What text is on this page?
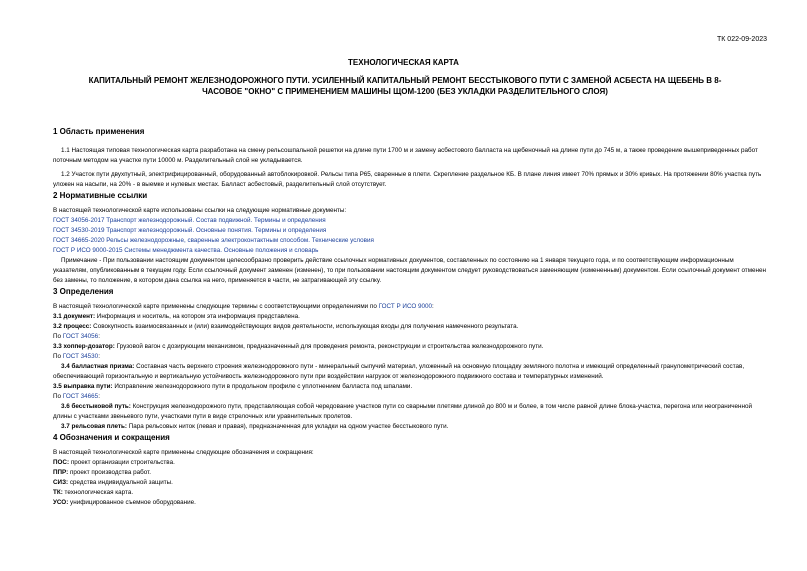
ТК 022-09-2023
ТЕХНОЛОГИЧЕСКАЯ КАРТА
КАПИТАЛЬНЫЙ РЕМОНТ ЖЕЛЕЗНОДОРОЖНОГО ПУТИ. УСИЛЕННЫЙ КАПИТАЛЬНЫЙ РЕМОНТ БЕССТЫКОВОГО ПУТИ С ЗАМЕНОЙ АСБЕСТА НА ЩЕБЕНЬ В 8-ЧАСОВОЕ "ОКНО" С ПРИМЕНЕНИЕМ МАШИНЫ ЩОМ-1200 (БЕЗ УКЛАДКИ РАЗДЕЛИТЕЛЬНОГО СЛОЯ)
1 Область применения

1.1 Настоящая типовая технологическая карта разработана на смену рельсошпальной решетки на длине пути 1700 м и замену асбестового балласта на щебеночный на длине пути до 745 м, а также проведение вышеприведенных работ поточным методом на участке пути 10000 м. Разделительный слой не укладывается.

1.2 Участок пути двухпутный, электрифицированный, оборудованный автоблокировкой. Рельсы типа Р65, сваренные в плети. Скрепление раздельное КБ. В плане линия имеет 70% прямых и 30% кривых. На протяжении 80% участка путь уложен на насыпи, на 20% - в выемке и нулевых местах. Балласт асбестовый, разделительный слой отсутствует.

2 Нормативные ссылки

В настоящей технологической карте использованы ссылки на следующие нормативные документы:

ГОСТ 34056-2017 Транспорт железнодорожный. Состав подвижной. Термины и определения

ГОСТ 34530-2019 Транспорт железнодорожный. Основные понятия. Термины и определения

ГОСТ 34665-2020 Рельсы железнодорожные, сваренные электроконтактным способом. Технические условия

ГОСТ Р ИСО 9000-2015 Системы менеджмента качества. Основные положения и словарь

Примечание - При пользовании настоящим документом целесообразно проверить действие ссылочных нормативных документов, составленных по состоянию на 1 января текущего года, и по соответствующим информационным указателям, опубликованным в текущем году. Если ссылочный документ заменен (изменен), то при пользовании настоящим документом следует руководствоваться заменяющим (измененным) документом. Если ссылочный документ отменен без замены, то положение, в котором дана ссылка на него, применяется в части, не затрагивающей эту ссылку.

3 Определения

В настоящей технологической карте применены следующие термины с соответствующими определениями по ГОСТ Р ИСО 9000:

3.1 документ: Информация и носитель, на котором эта информация представлена.

3.2 процесс: Совокупность взаимосвязанных и (или) взаимодействующих видов деятельности, использующая входы для получения намеченного результата.

По ГОСТ 34056:

3.3 хоппер-дозатор: Грузовой вагон с дозирующим механизмом, предназначенный для проведения ремонта, реконструкции и строительства железнодорожного пути.

По ГОСТ 34530:

3.4 балластная призма: Составная часть верхнего строения железнодорожного пути - минеральный сыпучий материал, уложенный на основную площадку земляного полотна и имеющий определенный гранулометрический состав, обеспечивающий горизонтальную и вертикальную устойчивость железнодорожного пути при воздействии нагрузок от железнодорожного подвижного состава и температурных изменений.

3.5 выправка пути: Исправление железнодорожного пути в продольном профиле с уплотнением балласта под шпалами.

По ГОСТ 34665:

3.6 бесстыковой путь: Конструкция железнодорожного пути, представляющая собой чередование участков пути со сварными плетями длиной до 800 м и более, в том числе равной длине блока-участка, перегона или неограниченной длины с участками звеньевого пути, участками пути в виде стрелочных или уравнительных пролетов.

3.7 рельсовая плеть: Пара рельсовых ниток (левая и правая), предназначенная для укладки на одном участке бесстыкового пути.

4 Обозначения и сокращения

В настоящей технологической карте применены следующие обозначения и сокращения:

ПОС: проект организации строительства.

ППР: проект производства работ.

СИЗ: средства индивидуальной защиты.

ТК: технологическая карта.

УСО: унифицированное съемное оборудование.
